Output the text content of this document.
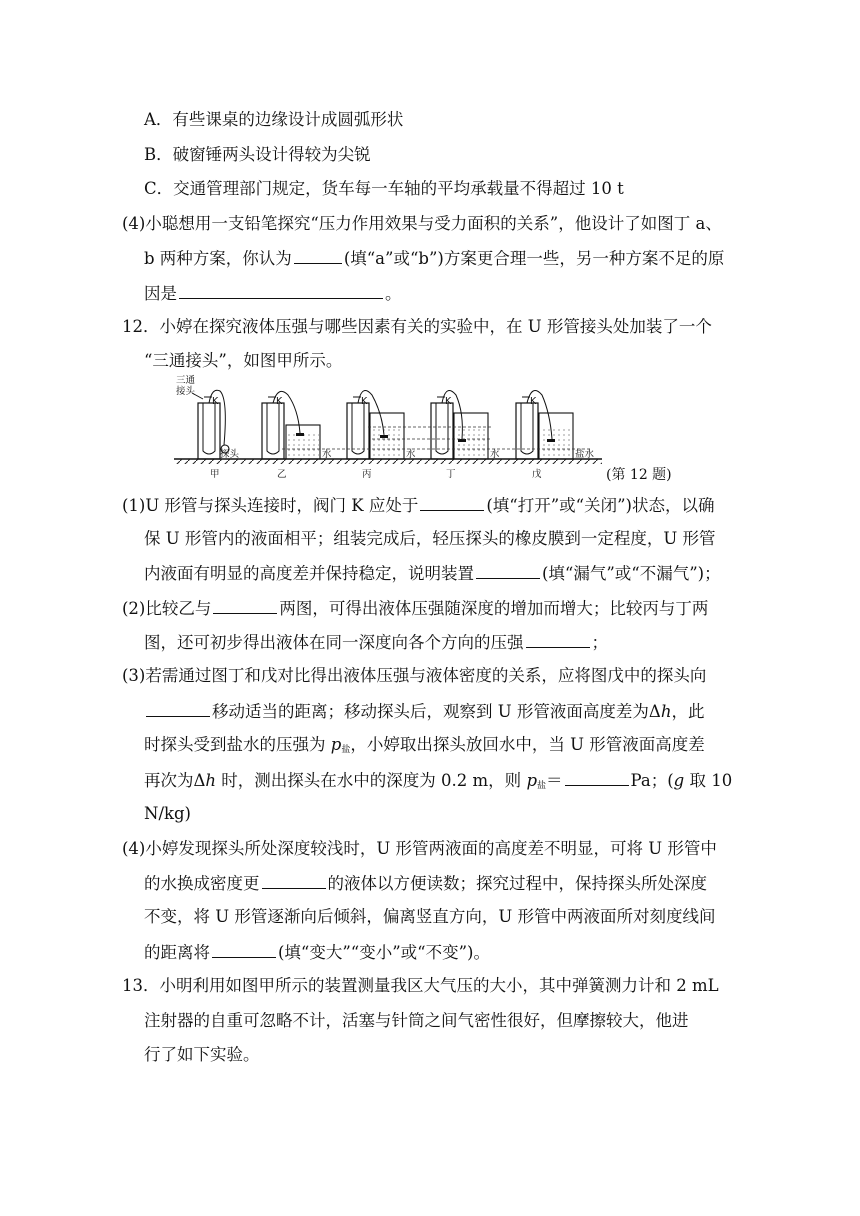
A．有些课桌的边缘设计成圆弧形状
B．破窗锤两头设计得较为尖锐
C．交通管理部门规定，货车每一车轴的平均承载量不得超过 10 t
(4)小聪想用一支铅笔探究“压力作用效果与受力面积的关系”，他设计了如图丁 a、
b 两种方案，你认为	(填“a”或“b”)方案更合理一些，另一种方案不足的原
因是	。
12．小婷在探究液体压强与哪些因素有关的实验中，在 U 形管接头处加装了一个
“三通接头”，如图甲所示。
三通
接头
K	K	K	K	K
探头	水	水	水	盐水
甲	乙	丙	丁	戊	(第 12 题)
(1)U 形管与探头连接时，阀门 K 应处于	(填“打开”或“关闭”)状态，以确
保 U 形管内的液面相平；组装完成后，轻压探头的橡皮膜到一定程度，U 形管
内液面有明显的高度差并保持稳定，说明装置	(填“漏气”或“不漏气”)；
(2)比较乙与	两图，可得出液体压强随深度的增加而增大；比较丙与丁两
图，还可初步得出液体在同一深度向各个方向的压强	；
(3)若需通过图丁和戊对比得出液体压强与液体密度的关系，应将图戊中的探头向
移动适当的距离；移动探头后，观察到 U 形管液面高度差为Δh，此
时探头受到盐水的压强为 $p_盐$，小婷取出探头放回水中，当 U 形管液面高度差
再次为Δh 时，测出探头在水中的深度为 0.2 m，则 $p_盐=$	Pa；(g 取 10
N/kg)
(4)小婷发现探头所处深度较浅时，U 形管两液面的高度差不明显，可将 U 形管中
的水换成密度更	的液体以方便读数；探究过程中，保持探头所处深度
不变，将 U 形管逐渐向后倾斜，偏离竖直方向，U 形管中两液面所对刻度线间
的距离将	(填“变大”“变小”或“不变”)。
13．小明利用如图甲所示的装置测量我区大气压的大小，其中弹簧测力计和 2 mL
注射器的自重可忽略不计，活塞与针筒之间气密性很好，但摩擦较大，他进
行了如下实验。
